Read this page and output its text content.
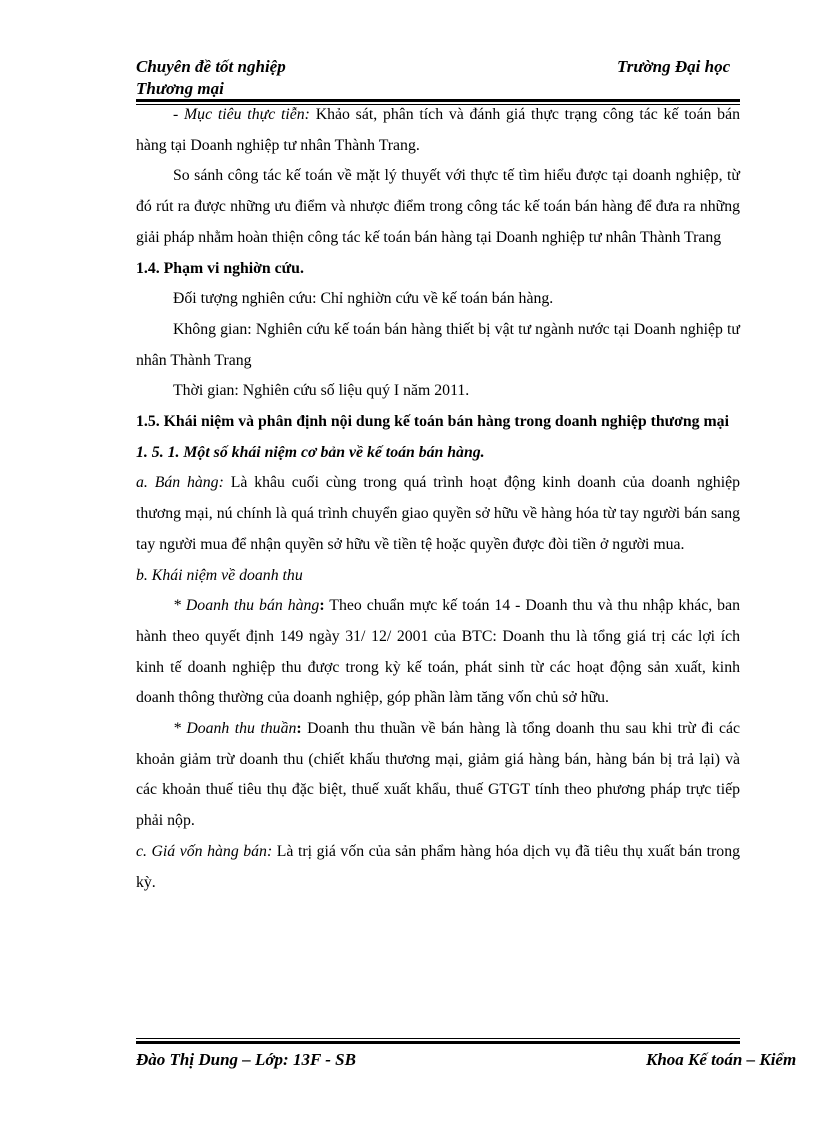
Chuyên đề tốt nghiệp
Thương mại
Trường Đại học

- Mục tiêu thực tiễn: Khảo sát, phân tích và đánh giá thực trạng công tác kế toán bán hàng tại Doanh nghiệp tư nhân Thành Trang.

So sánh công tác kế toán về mặt lý thuyết với thực tế tìm hiểu được tại doanh nghiệp, từ đó rút ra được những ưu điểm và nhược điểm trong công tác kế toán bán hàng để đưa ra những giải pháp nhằm hoàn thiện công tác kế toán bán hàng tại Doanh nghiệp tư nhân Thành Trang

1.4. Phạm vi nghiờn cứu.

Đối tượng nghiên cứu: Chỉ nghiờn cứu về kế toán bán hàng.

Không gian: Nghiên cứu kế toán bán hàng thiết bị vật tư ngành nước tại Doanh nghiệp tư nhân Thành Trang

Thời gian: Nghiên cứu số liệu quý I năm 2011.

1.5. Khái niệm và phân định nội dung kế toán bán hàng trong doanh nghiệp thương mại

1. 5. 1. Một số khái niệm cơ bản về kế toán bán hàng.

a. Bán hàng: Là khâu cuối cùng trong quá trình hoạt động kinh doanh của doanh nghiệp thương mại, nú chính là quá trình chuyển giao quyền sở hữu về hàng hóa từ tay người bán sang tay người mua để nhận quyền sở hữu về tiền tệ hoặc quyền được đòi tiền ở người mua.

b. Khái niệm về doanh thu

* Doanh thu bán hàng: Theo chuẩn mực kế toán 14 - Doanh thu và thu nhập khác, ban hành theo quyết định 149 ngày 31/ 12/ 2001 của BTC: Doanh thu là tổng giá trị các lợi ích kinh tế doanh nghiệp thu được trong kỳ kế toán, phát sinh từ các hoạt động sản xuất, kinh doanh thông thường của doanh nghiệp, góp phần làm tăng vốn chủ sở hữu.

* Doanh thu thuần: Doanh thu thuần về bán hàng là tổng doanh thu sau khi trừ đi các khoản giảm trừ doanh thu (chiết khấu thương mại, giảm giá hàng bán, hàng bán bị trả lại) và các khoản thuế tiêu thụ đặc biệt, thuế xuất khẩu, thuế GTGT tính theo phương pháp trực tiếp phải nộp.

c. Giá vốn hàng bán: Là trị giá vốn của sản phẩm hàng hóa dịch vụ đã tiêu thụ xuất bán trong kỳ.

Đào Thị Dung – Lớp: 13F - SB	Khoa Kế toán – Kiểm
